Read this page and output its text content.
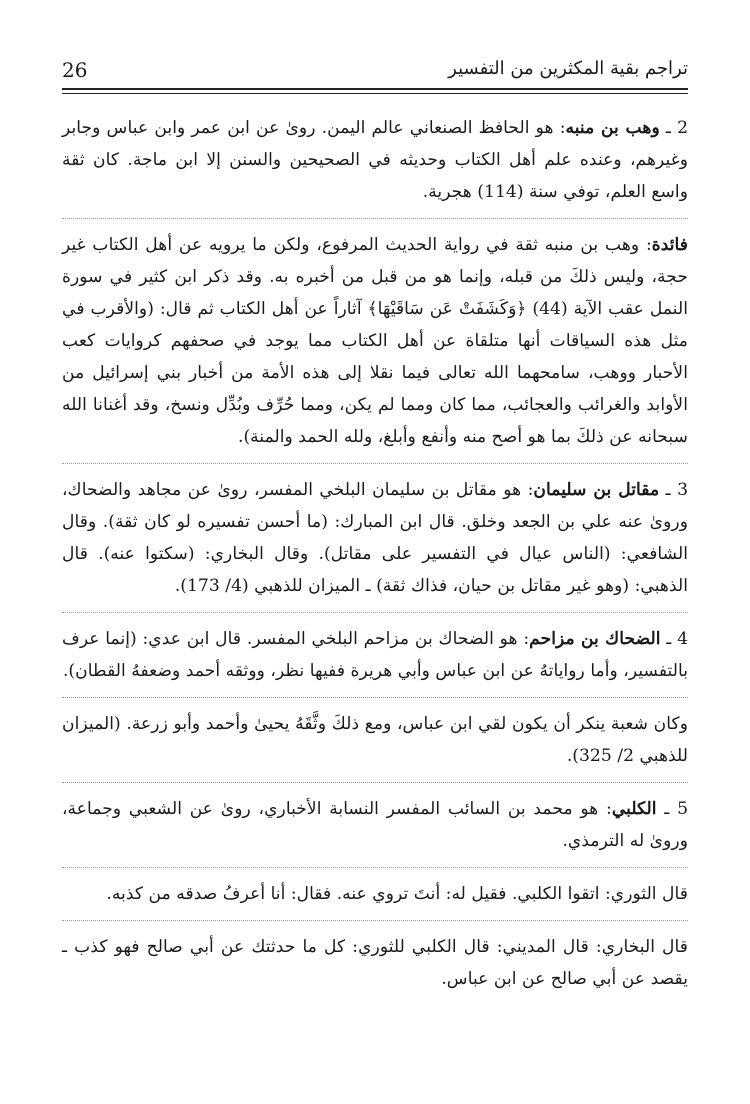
26	تراجم بقية المكثرين من التفسير

2 ـ وهب بن منبه: هو الحافظ الصنعاني عالم اليمن. روىٰ عن ابن عمر وابن عباس وجابر وغيرهم، وعنده علم أهل الكتاب وحديثه في الصحيحين والسنن إلا ابن ماجة. كان ثقة واسع العلم، توفي سنة (114) هجرية.

فائدة: وهب بن منبه ثقة في رواية الحديث المرفوع، ولكن ما يرويه عن أهل الكتاب غير حجة، وليس ذلكَ من قبله، وإنما هو من قبل من أخبره به. وقد ذكر ابن كثير في سورة النمل عقب الآية (44) ﴿وَكَشَفَتْ عَن سَاقَيْهَا﴾ آثاراً عن أهل الكتاب ثم قال: (والأقرب في مثل هذه السياقات أنها متلقاة عن أهل الكتاب مما يوجد في صحفهم كروايات كعب الأحبار ووهب، سامحهما الله تعالى فيما نقلا إلى هذه الأمة من أخبار بني إسرائيل من الأوابد والغرائب والعجائب، مما كان ومما لم يكن، ومما حُرِّف وبُدِّل ونسخ، وقد أغنانا الله سبحانه عن ذلكَ بما هو أصح منه وأنفع وأبلغ، ولله الحمد والمنة).

3 ـ مقاتل بن سليمان: هو مقاتل بن سليمان البلخي المفسر، روىٰ عن مجاهد والضحاك، وروىٰ عنه علي بن الجعد وخلق. قال ابن المبارك: (ما أحسن تفسيره لو كان ثقة). وقال الشافعي: (الناس عيال في التفسير على مقاتل). وقال البخاري: (سكتوا عنه). قال الذهبي: (وهو غير مقاتل بن حيان، فذاك ثقة) ـ الميزان للذهبي (4/ 173).

4 ـ الضحاك بن مزاحم: هو الضحاك بن مزاحم البلخي المفسر. قال ابن عدي: (إنما عرف بالتفسير، وأما رواياتهُ عن ابن عباس وأبي هريرة ففيها نظر، ووثقه أحمد وضعفهُ القطان).

وكان شعبة ينكر أن يكون لقي ابن عباس، ومع ذلكَ وثَّقَهُ يحيىٰ وأحمد وأبو زرعة. (الميزان للذهبي 2/ 325).

5 ـ الكلبي: هو محمد بن السائب المفسر النسابة الأخباري، روىٰ عن الشعبي وجماعة، وروىٰ له الترمذي.

قال الثوري: اتقوا الكلبي. فقيل له: أنتَ تروي عنه. فقال: أنا أعرفُ صدقه من كذبه.

قال البخاري: قال المديني: قال الكلبي للثوري: كل ما حدثتك عن أبي صالح فهو كذب ـ يقصد عن أبي صالح عن ابن عباس.
